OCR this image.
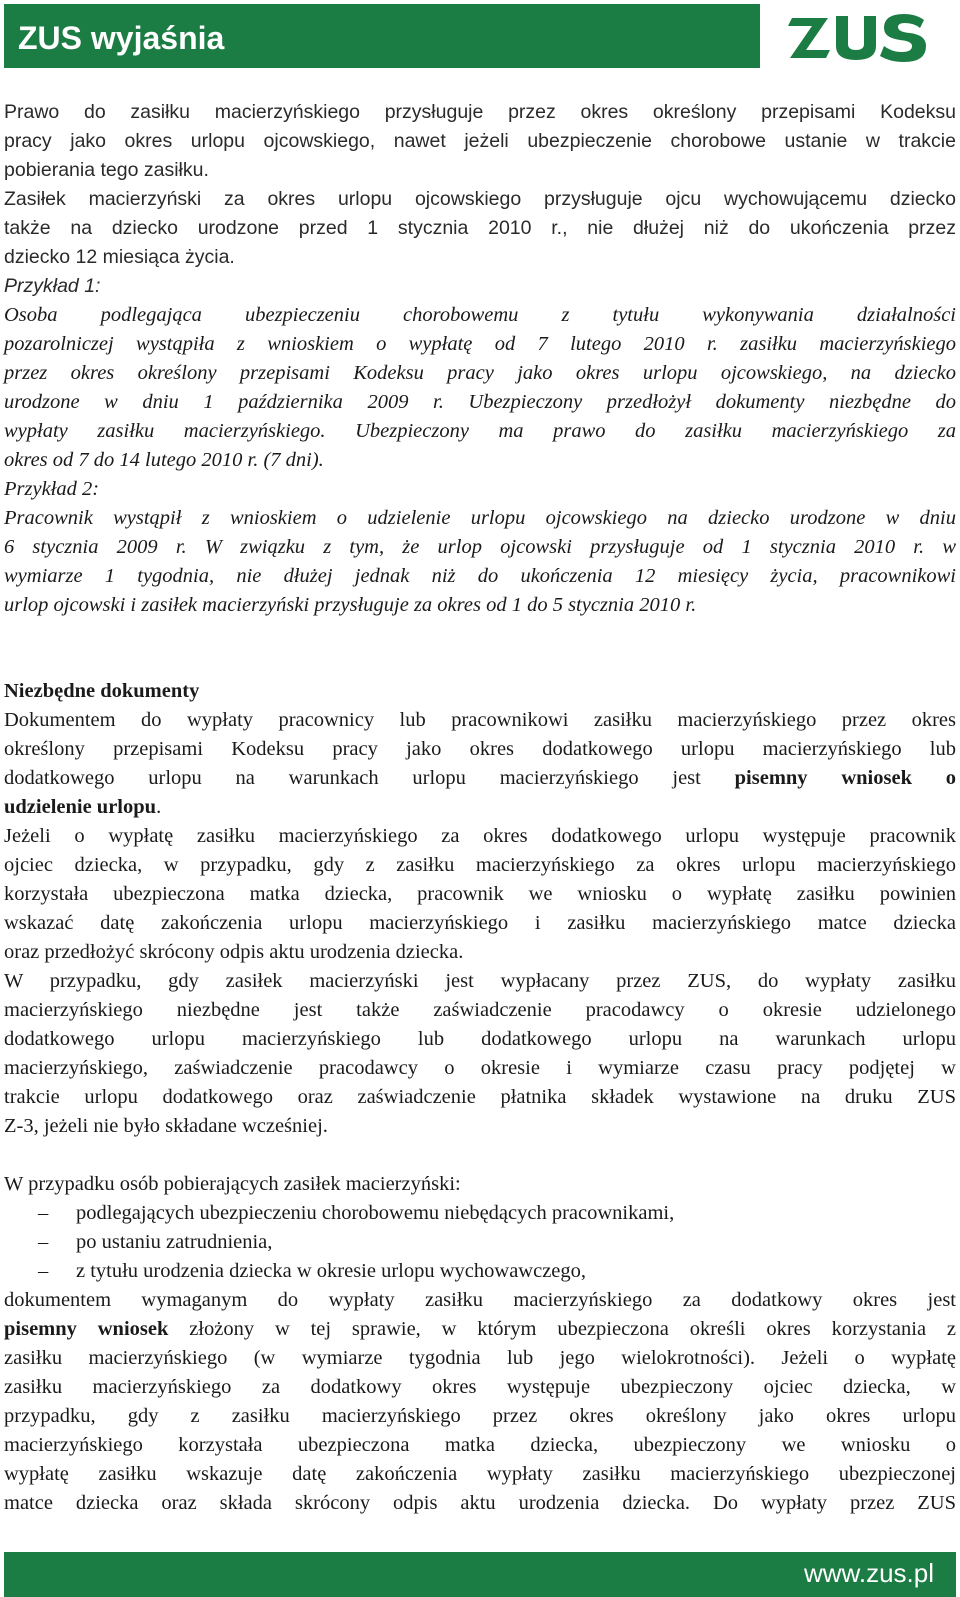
ZUS wyjaśnia

Prawo do zasiłku macierzyńskiego przysługuje przez okres określony przepisami Kodeksu

pracy jako okres urlopu ojcowskiego, nawet jeżeli ubezpieczenie chorobowe ustanie w trakcie

pobierania tego zasiłku.

Zasiłek macierzyński za okres urlopu ojcowskiego przysługuje ojcu wychowującemu dziecko

także na dziecko urodzone przed 1 stycznia 2010 r., nie dłużej niż do ukończenia przez

dziecko 12 miesiąca życia.

Przykład 1:

Osoba podlegająca ubezpieczeniu chorobowemu z tytułu wykonywania działalności

pozarolniczej wystąpiła z wnioskiem o wypłatę od 7 lutego 2010 r. zasiłku macierzyńskiego

przez okres określony przepisami Kodeksu pracy jako okres urlopu ojcowskiego, na dziecko

urodzone w dniu 1 października 2009 r. Ubezpieczony przedłożył dokumenty niezbędne do

wypłaty zasiłku macierzyńskiego. Ubezpieczony ma prawo do zasiłku macierzyńskiego za

okres od 7 do 14 lutego 2010 r. (7 dni).

Przykład 2:

Pracownik wystąpił z wnioskiem o udzielenie urlopu ojcowskiego na dziecko urodzone w dniu

6 stycznia 2009 r. W związku z tym, że urlop ojcowski przysługuje od 1 stycznia 2010 r. w

wymiarze 1 tygodnia, nie dłużej jednak niż do ukończenia 12 miesięcy życia, pracownikowi

urlop ojcowski i zasiłek macierzyński przysługuje za okres od 1 do 5 stycznia 2010 r.

Niezbędne dokumenty

Dokumentem do wypłaty pracownicy lub pracownikowi zasiłku macierzyńskiego przez okres

określony przepisami Kodeksu pracy jako okres dodatkowego urlopu macierzyńskiego lub

dodatkowego urlopu na warunkach urlopu macierzyńskiego jest pisemny wniosek o

udzielenie urlopu.

Jeżeli o wypłatę zasiłku macierzyńskiego za okres dodatkowego urlopu występuje pracownik

ojciec dziecka, w przypadku, gdy z zasiłku macierzyńskiego za okres urlopu macierzyńskiego

korzystała ubezpieczona matka dziecka, pracownik we wniosku o wypłatę zasiłku powinien

wskazać datę zakończenia urlopu macierzyńskiego i zasiłku macierzyńskiego matce dziecka

oraz przedłożyć skrócony odpis aktu urodzenia dziecka.

W przypadku, gdy zasiłek macierzyński jest wypłacany przez ZUS, do wypłaty zasiłku

macierzyńskiego niezbędne jest także zaświadczenie pracodawcy o okresie udzielonego

dodatkowego urlopu macierzyńskiego lub dodatkowego urlopu na warunkach urlopu

macierzyńskiego, zaświadczenie pracodawcy o okresie i wymiarze czasu pracy podjętej w

trakcie urlopu dodatkowego oraz zaświadczenie płatnika składek wystawione na druku ZUS

Z-3, jeżeli nie było składane wcześniej.

W przypadku osób pobierających zasiłek macierzyński:

– podlegających ubezpieczeniu chorobowemu niebędących pracownikami,

– po ustaniu zatrudnienia,

– z tytułu urodzenia dziecka w okresie urlopu wychowawczego,

dokumentem wymaganym do wypłaty zasiłku macierzyńskiego za dodatkowy okres jest

pisemny wniosek złożony w tej sprawie, w którym ubezpieczona określi okres korzystania z

zasiłku macierzyńskiego (w wymiarze tygodnia lub jego wielokrotności). Jeżeli o wypłatę

zasiłku macierzyńskiego za dodatkowy okres występuje ubezpieczony ojciec dziecka, w

przypadku, gdy z zasiłku macierzyńskiego przez okres określony jako okres urlopu

macierzyńskiego korzystała ubezpieczona matka dziecka, ubezpieczony we wniosku o

wypłatę zasiłku wskazuje datę zakończenia wypłaty zasiłku macierzyńskiego ubezpieczonej

matce dziecka oraz składa skrócony odpis aktu urodzenia dziecka. Do wypłaty przez ZUS

www.zus.pl
